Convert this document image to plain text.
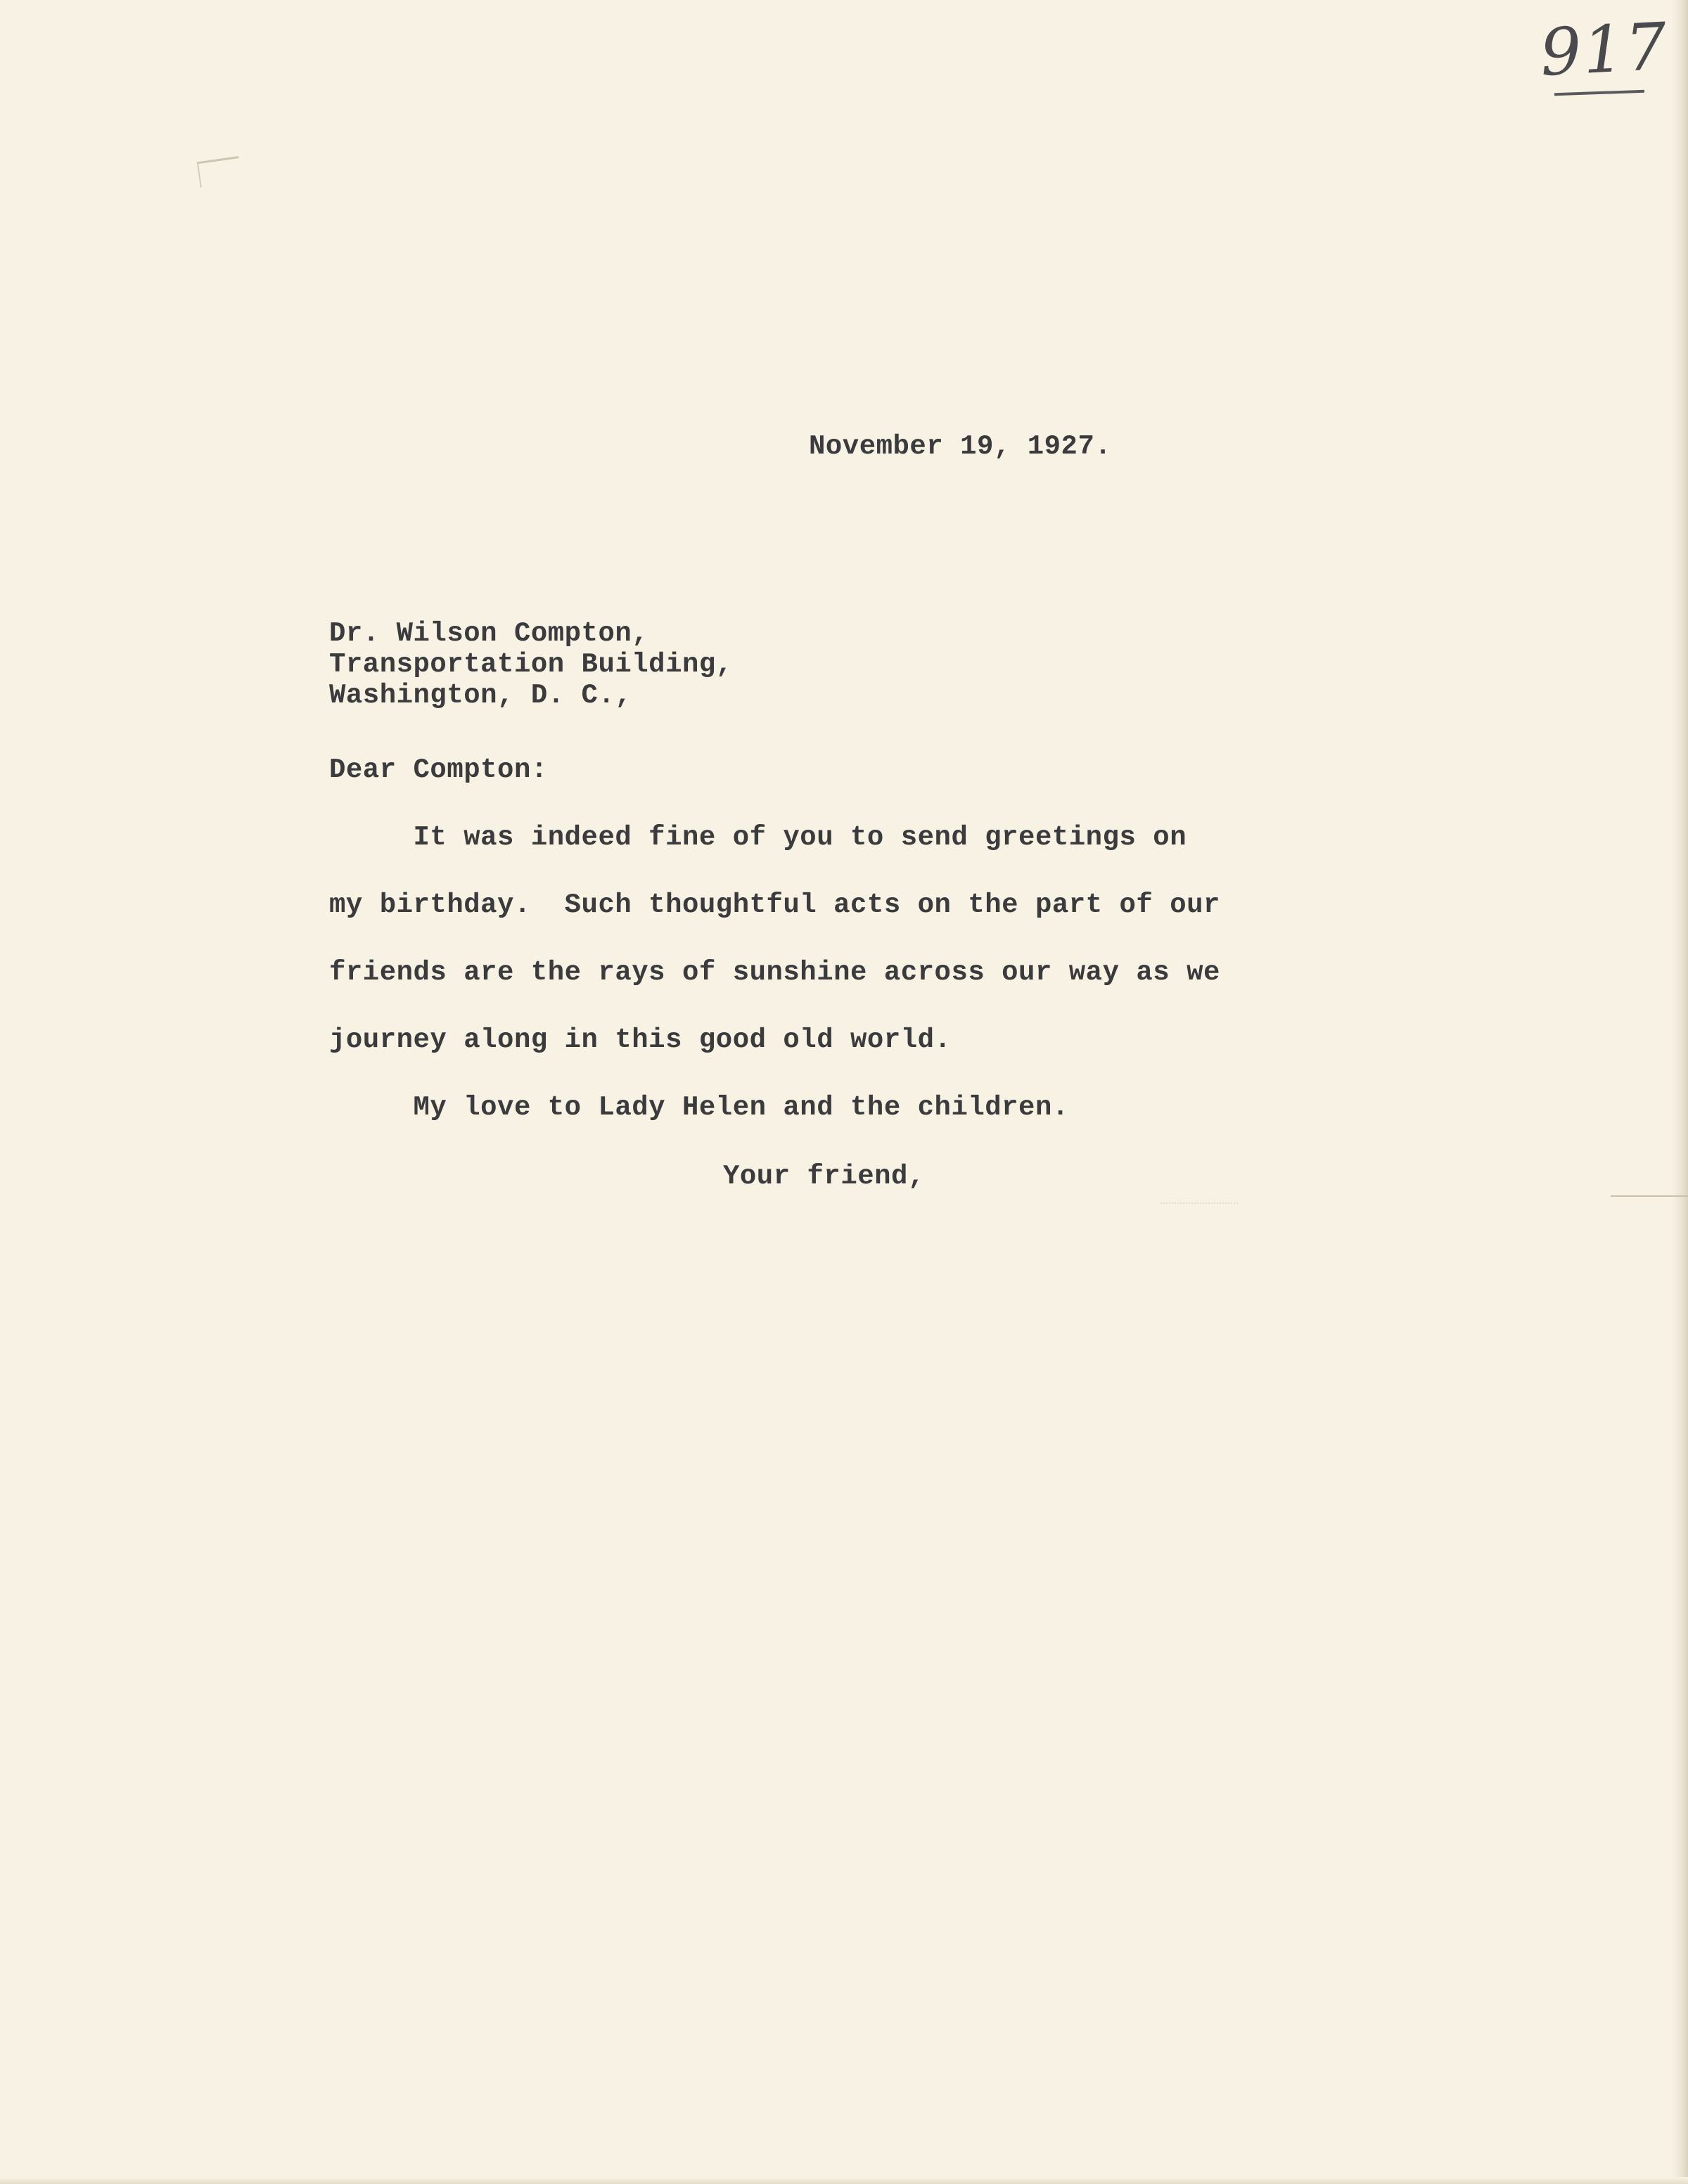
917
November 19, 1927.
Dr. Wilson Compton,
Transportation Building,
Washington, D. C.,
Dear Compton:
It was indeed fine of you to send greetings on
my birthday.  Such thoughtful acts on the part of our
friends are the rays of sunshine across our way as we
journey along in this good old world.
My love to Lady Helen and the children.
Your friend,
